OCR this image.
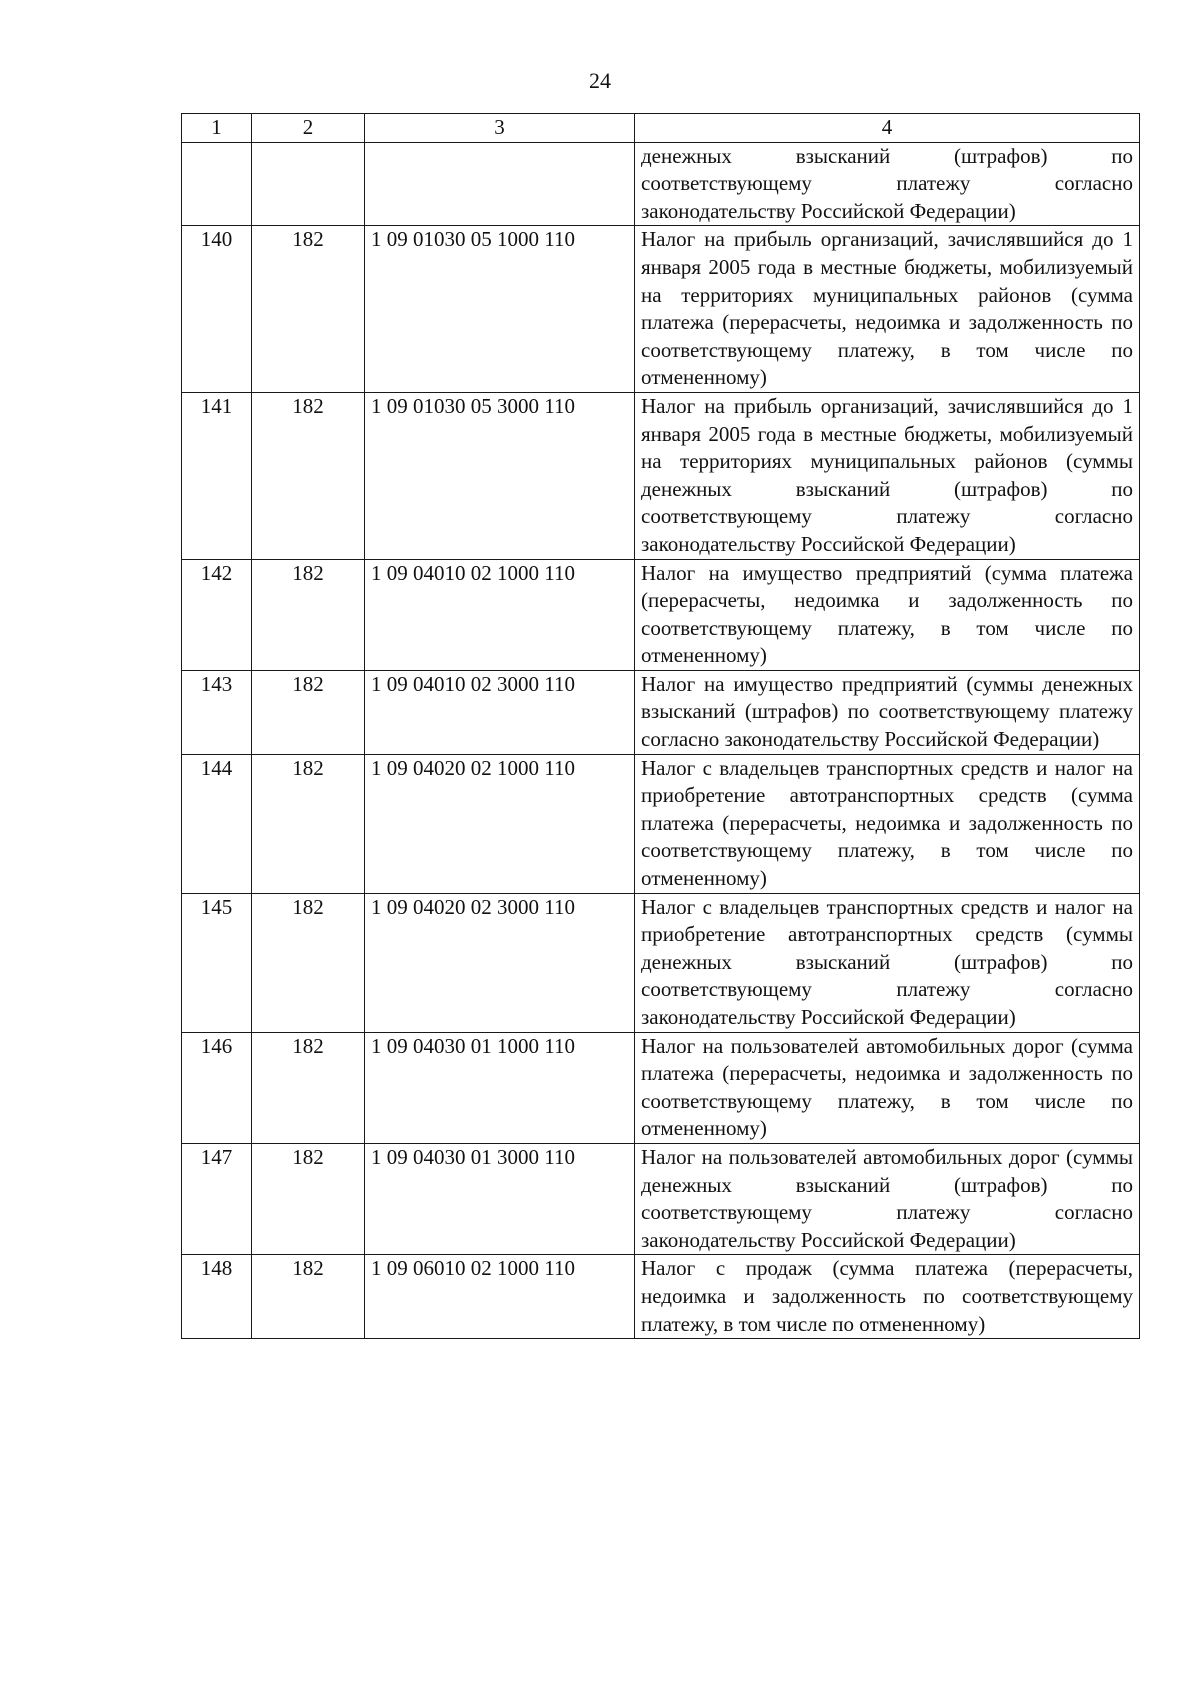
24
1	2	3	4
			денежных взысканий (штрафов) по соответствующему платежу согласно законодательству Российской Федерации)
140	182	1 09 01030 05 1000 110	Налог на прибыль организаций, зачислявшийся до 1 января 2005 года в местные бюджеты, мобилизуемый на территориях муниципальных районов (сумма платежа (перерасчеты, недоимка и задолженность по соответствующему платежу, в том числе по отмененному)
141	182	1 09 01030 05 3000 110	Налог на прибыль организаций, зачислявшийся до 1 января 2005 года в местные бюджеты, мобилизуемый на территориях муниципальных районов (суммы денежных взысканий (штрафов) по соответствующему платежу согласно законодательству Российской Федерации)
142	182	1 09 04010 02 1000 110	Налог на имущество предприятий (сумма платежа (перерасчеты, недоимка и задолженность по соответствующему платежу, в том числе по отмененному)
143	182	1 09 04010 02 3000 110	Налог на имущество предприятий (суммы денежных взысканий (штрафов) по соответствующему платежу согласно законодательству Российской Федерации)
144	182	1 09 04020 02 1000 110	Налог с владельцев транспортных средств и налог на приобретение автотранспортных средств (сумма платежа (перерасчеты, недоимка и задолженность по соответствующему платежу, в том числе по отмененному)
145	182	1 09 04020 02 3000 110	Налог с владельцев транспортных средств и налог на приобретение автотранспортных средств (суммы денежных взысканий (штрафов) по соответствующему платежу согласно законодательству Российской Федерации)
146	182	1 09 04030 01 1000 110	Налог на пользователей автомобильных дорог (сумма платежа (перерасчеты, недоимка и задолженность по соответствующему платежу, в том числе по отмененному)
147	182	1 09 04030 01 3000 110	Налог на пользователей автомобильных дорог (суммы денежных взысканий (штрафов) по соответствующему платежу согласно законодательству Российской Федерации)
148	182	1 09 06010 02 1000 110	Налог с продаж (сумма платежа (перерасчеты, недоимка и задолженность по соответствующему платежу, в том числе по отмененному)
